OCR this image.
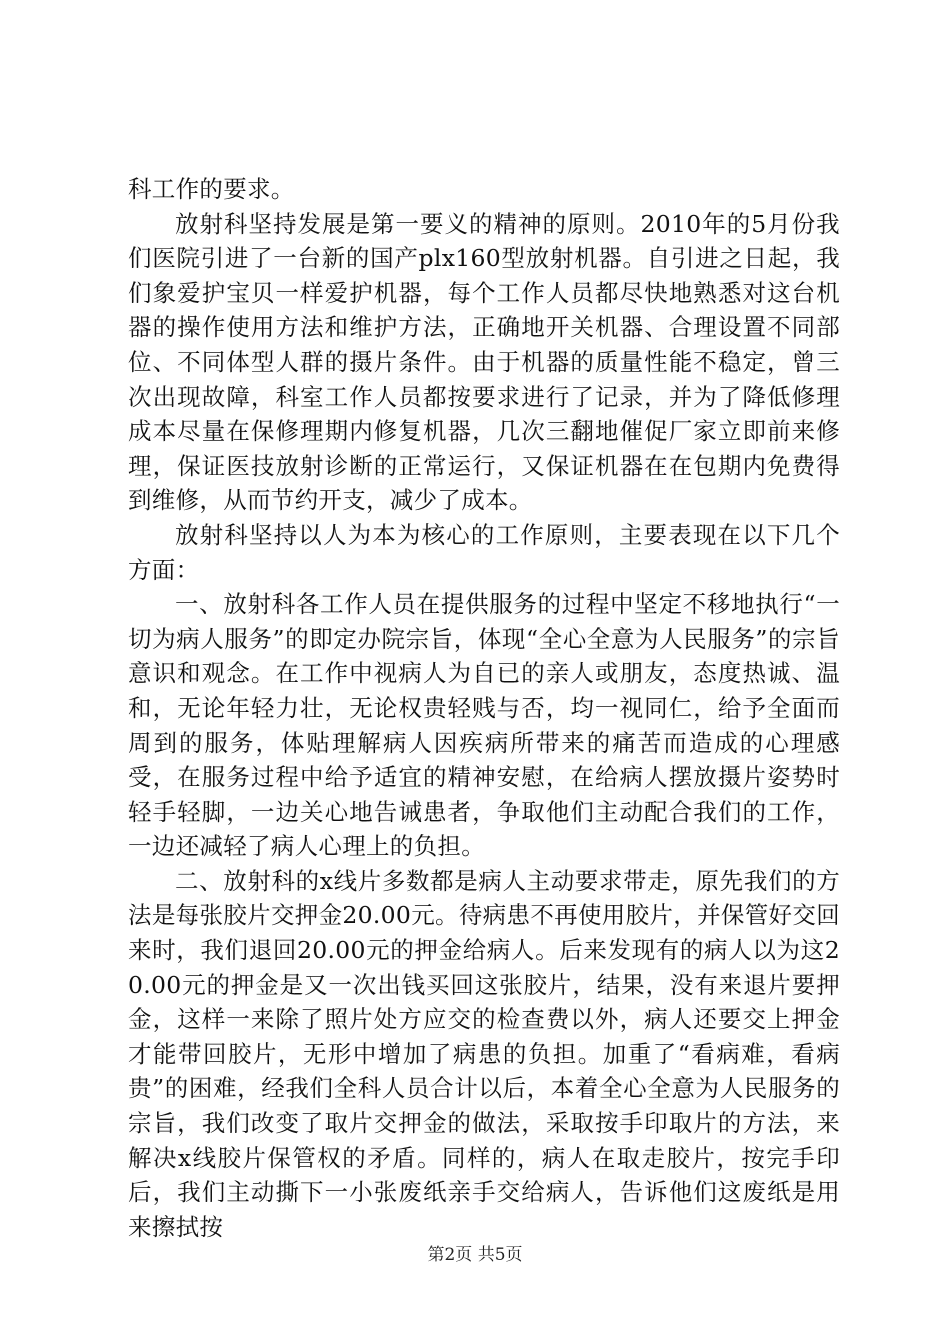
科工作的要求。

放射科坚持发展是第一要义的精神的原则。2010年的5月份我们医院引进了一台新的国产plx160型放射机器。自引进之日起，我们象爱护宝贝一样爱护机器，每个工作人员都尽快地熟悉对这台机器的操作使用方法和维护方法，正确地开关机器、合理设置不同部位、不同体型人群的摄片条件。由于机器的质量性能不稳定，曾三次出现故障，科室工作人员都按要求进行了记录，并为了降低修理成本尽量在保修理期内修复机器，几次三翻地催促厂家立即前来修理，保证医技放射诊断的正常运行，又保证机器在在包期内免费得到维修，从而节约开支，减少了成本。

放射科坚持以人为本为核心的工作原则，主要表现在以下几个方面：

一、放射科各工作人员在提供服务的过程中坚定不移地执行“一切为病人服务”的即定办院宗旨，体现“全心全意为人民服务”的宗旨意识和观念。在工作中视病人为自已的亲人或朋友，态度热诚、温和，无论年轻力壮，无论权贵轻贱与否，均一视同仁，给予全面而周到的服务，体贴理解病人因疾病所带来的痛苦而造成的心理感受，在服务过程中给予适宜的精神安慰，在给病人摆放摄片姿势时轻手轻脚，一边关心地告诫患者，争取他们主动配合我们的工作，一边还减轻了病人心理上的负担。

二、放射科的x线片多数都是病人主动要求带走，原先我们的方法是每张胶片交押金20.00元。待病患不再使用胶片，并保管好交回来时，我们退回20.00元的押金给病人。后来发现有的病人以为这20.00元的押金是又一次出钱买回这张胶片，结果，没有来退片要押金，这样一来除了照片处方应交的检查费以外，病人还要交上押金才能带回胶片，无形中增加了病患的负担。加重了“看病难，看病贵”的困难，经我们全科人员合计以后，本着全心全意为人民服务的宗旨，我们改变了取片交押金的做法，采取按手印取片的方法，来解决x线胶片保管权的矛盾。同样的，病人在取走胶片，按完手印后，我们主动撕下一小张废纸亲手交给病人，告诉他们这废纸是用来擦拭按

第2页 共5页
